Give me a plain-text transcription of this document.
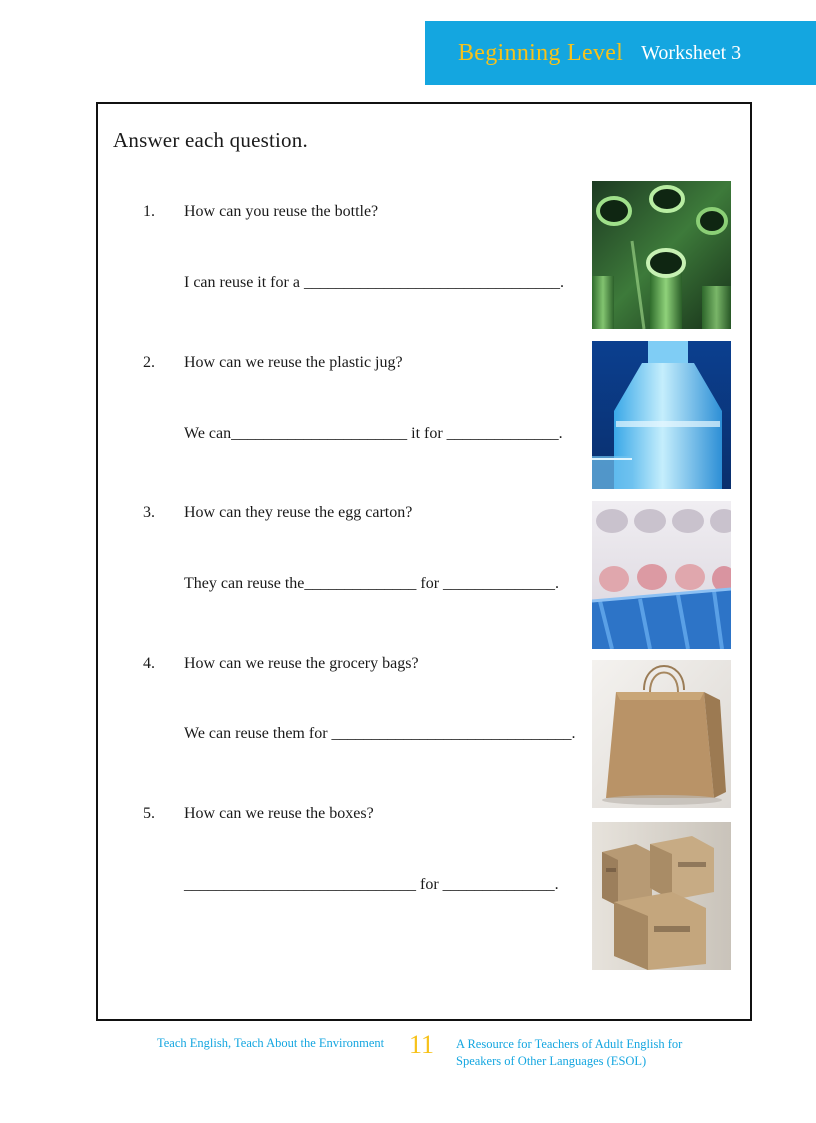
Beginning Level Worksheet 3
Answer each question.
1. How can you reuse the bottle?
I can reuse it for a ________________________________.
2. How can we reuse the plastic jug?
We can______________________ it for ______________.
3. How can they reuse the egg carton?
They can reuse the______________ for ______________.
4. How can we reuse the grocery bags?
We can reuse them for ______________________________.
5. How can we reuse the boxes?
_____________________________ for ______________.
Teach English, Teach About the Environment 11 A Resource for Teachers of Adult English for
Speakers of Other Languages (ESOL)
